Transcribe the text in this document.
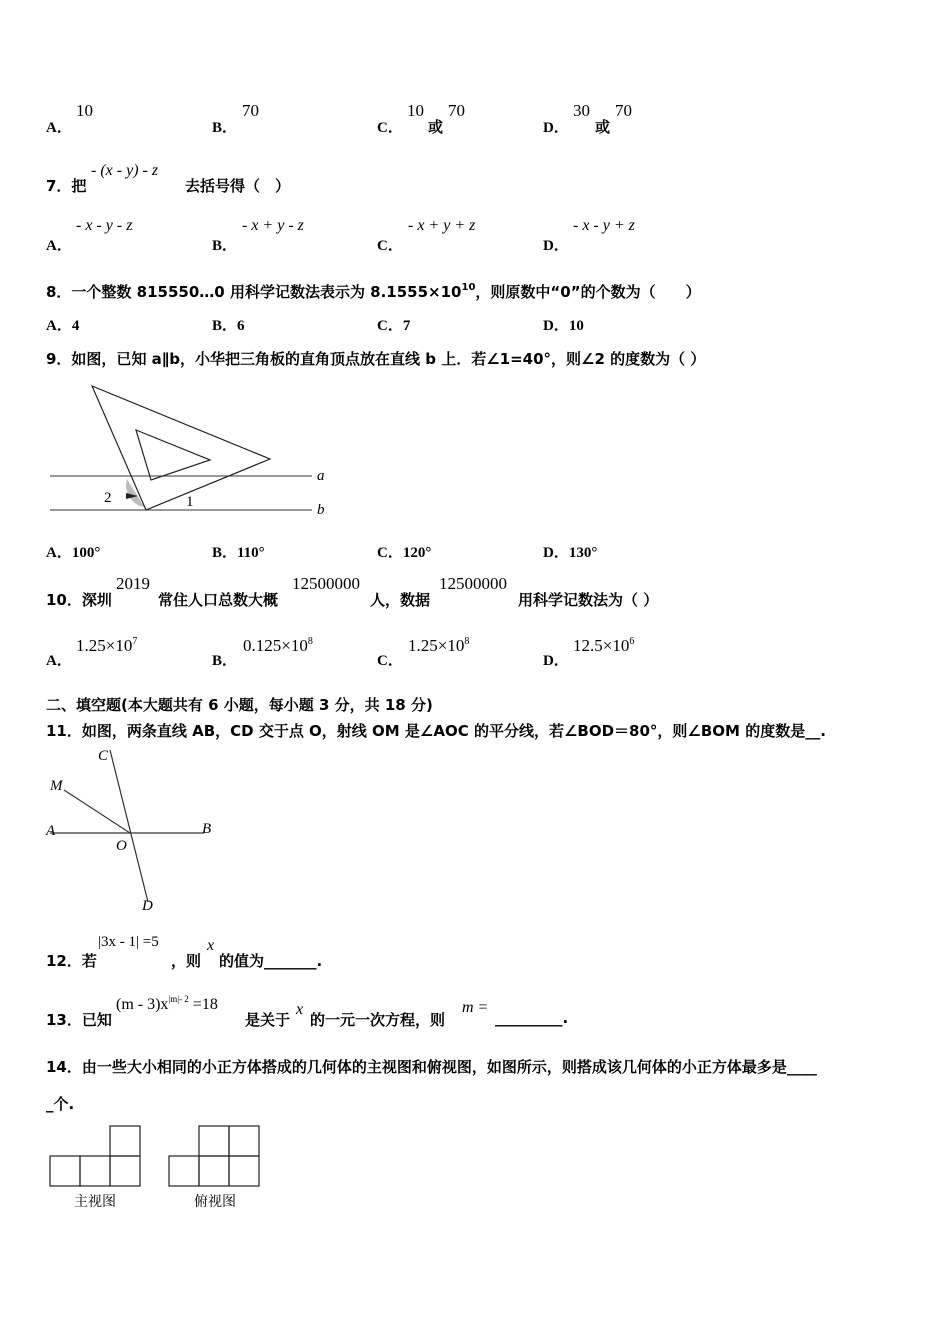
A．
10
B．
70
C．
10
或
70
D．
30
或
70
7．把
- (x - y) - z
去括号得（　）
A．
- x - y - z
B．
- x + y - z
C．
- x + y + z
D．
- x - y + z
8．一个整数 815550…0 用科学记数法表示为 $8.1555\times 10^{10}$，则原数中“0”的个数为（　　）
A．4	B．6	C．7	D．10
9．如图，已知 a∥b，小华把三角板的直角顶点放在直线 b 上．若∠1=40°，则∠2 的度数为（ ）
2	1
a
b
A．100°	B．110°	C．120°	D．130°
10．深圳
2019
常住人口总数大概
12500000
人，数据
12500000
用科学记数法为（ ）
A．
$1.25\times 10^7$
B．
$0.125\times 10^8$
C．
$1.25\times 10^8$
D．
$12.5\times 10^6$
二、填空题(本大题共有 6 小题，每小题 3 分，共 18 分)
11．如图，两条直线 AB，CD 交于点 O，射线 OM 是∠AOC 的平分线，若∠BOD＝80°，则∠BOM 的度数是__.
C
M
A	B
O
D
12．若
|3x - 1| =5
，则
x
的值为_______.
13．已知
$(m - 3)x^{|m|- 2} =18$
是关于
x
的一元一次方程，则
m =
_________.
14．由一些大小相同的小正方体搭成的几何体的主视图和俯视图，如图所示，则搭成该几何体的小正方体最多是____
_个.
主视图	俯视图
